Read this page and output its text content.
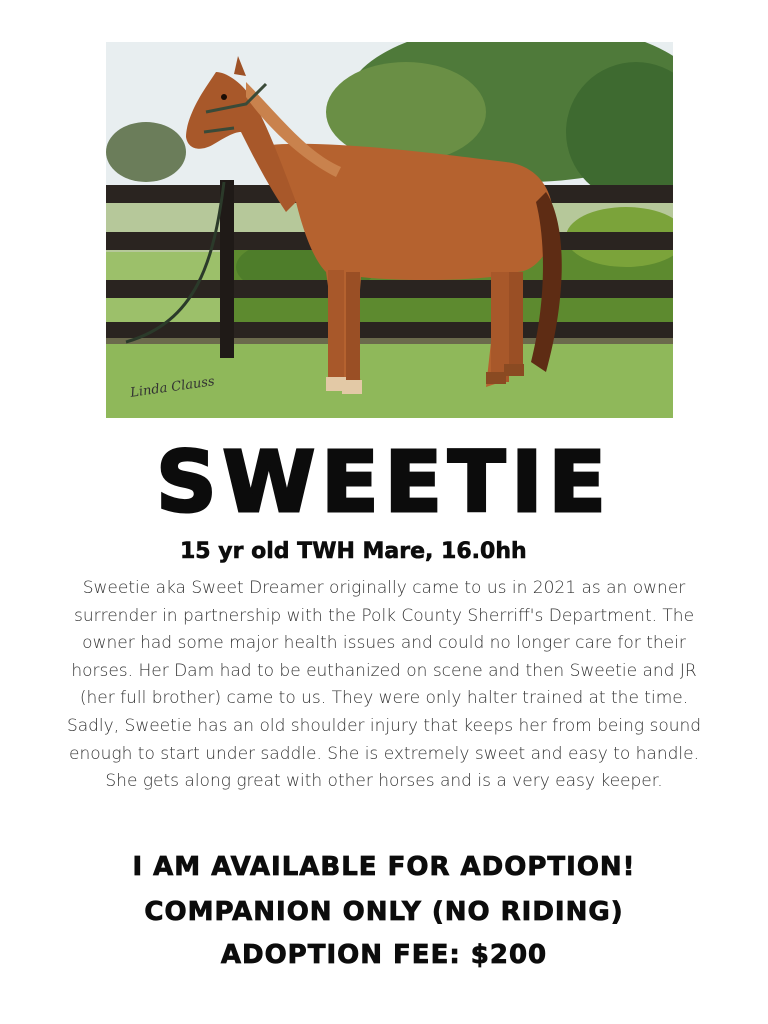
Linda Clauss
SWEETIE
15 yr old TWH Mare, 16.0hh
Sweetie aka Sweet Dreamer originally came to us in 2021 as an owner surrender in partnership with the Polk County Sherriff's Department. The owner had some major health issues and could no longer care for their horses. Her Dam had to be euthanized on scene and then Sweetie and JR (her full brother) came to us. They were only halter trained at the time. Sadly, Sweetie has an old shoulder injury that keeps her from being sound enough to start under saddle. She is extremely sweet and easy to handle. She gets along great with other horses and is a very easy keeper.
I AM AVAILABLE FOR ADOPTION!
COMPANION ONLY (NO RIDING)
ADOPTION FEE: $200
